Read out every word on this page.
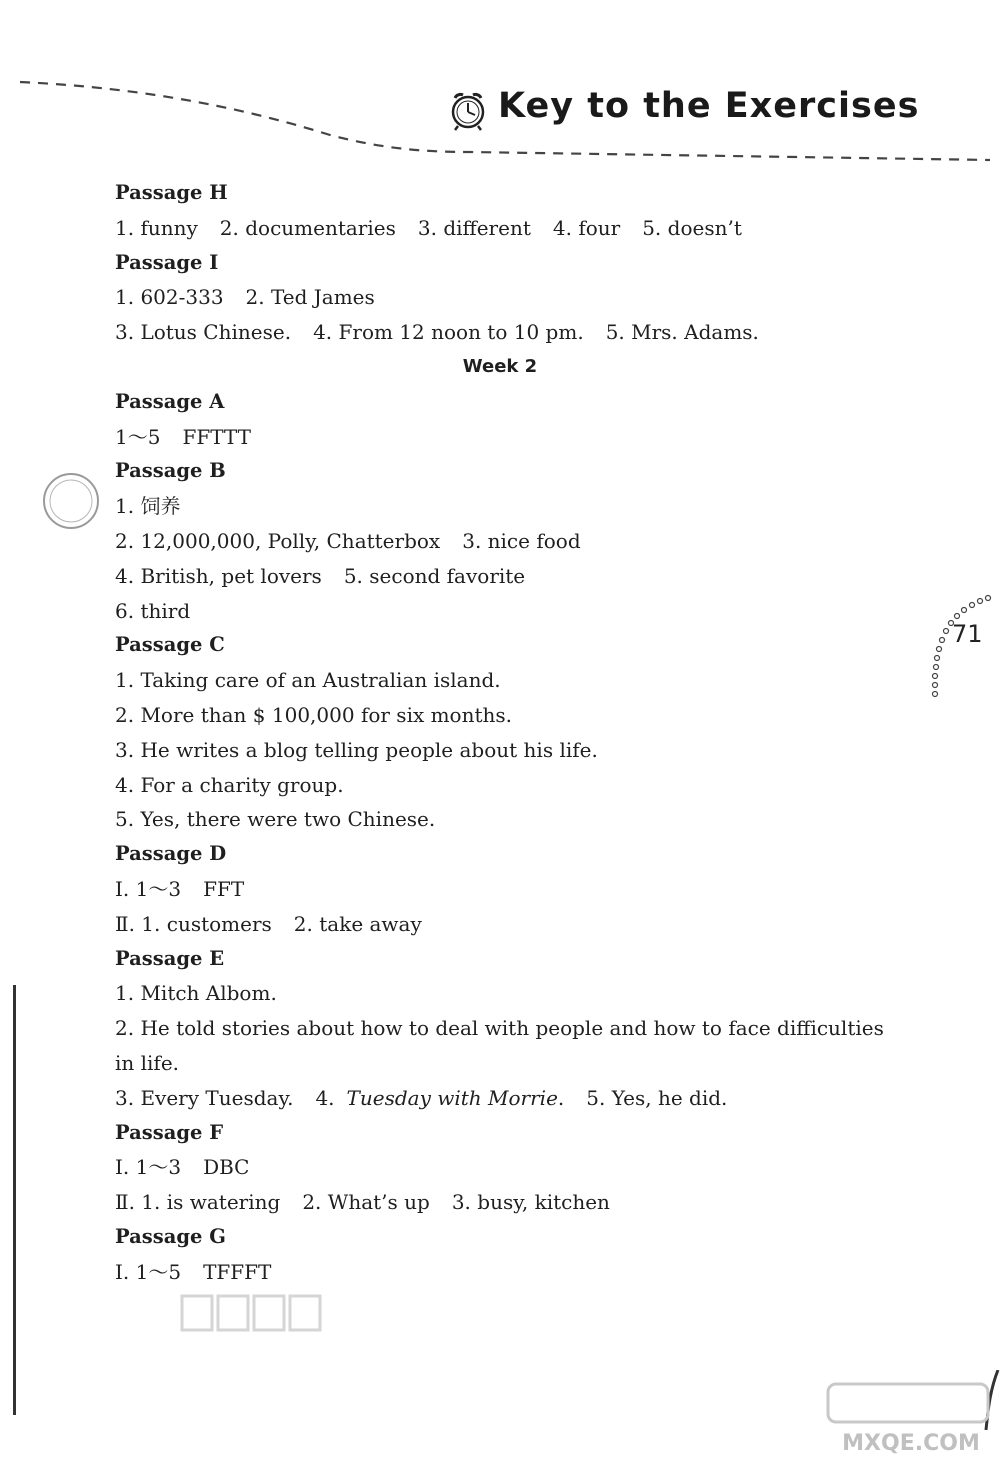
Key to the Exercises
Passage H
1. funny 2. documentaries 3. different 4. four 5. doesn’t
Passage I
1. 602-333 2. Ted James
3. Lotus Chinese. 4. From 12 noon to 10 pm. 5. Mrs. Adams.
Week 2
Passage A
1～5 FFTTT
Passage B
1. 饲养
2. 12,000,000, Polly, Chatterbox 3. nice food
4. British, pet lovers 5. second favorite
6. third
Passage C
1. Taking care of an Australian island.
2. More than $ 100,000 for six months.
3. He writes a blog telling people about his life.
4. For a charity group.
5. Yes, there were two Chinese.
Passage D
Ⅰ. 1～3 FFT
Ⅱ. 1. customers 2. take away
Passage E
1. Mitch Albom.
2. He told stories about how to deal with people and how to face difficulties
in life.
3. Every Tuesday. 4. Tuesday with Morrie. 5. Yes, he did.
Passage F
Ⅰ. 1～3 DBC
Ⅱ. 1. is watering 2. What’s up 3. busy, kitchen
Passage G
Ⅰ. 1～5 TFFFT
71
MXQE.COM
